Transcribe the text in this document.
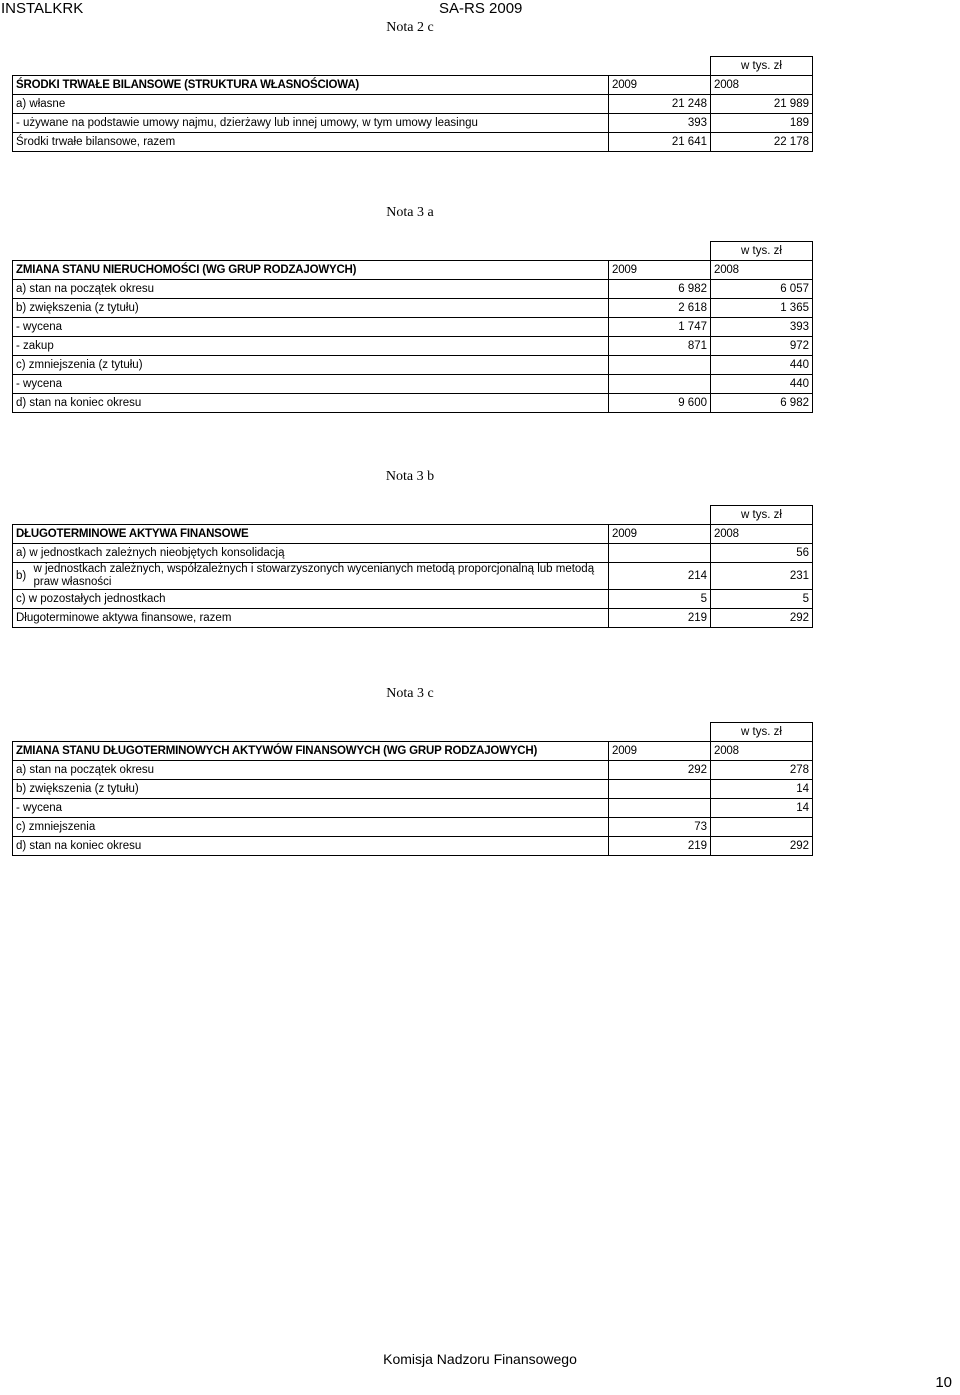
INSTALKRK	SA-RS 2009
Nota 2 c
		w tys. zł
ŚRODKI TRWAŁE BILANSOWE (STRUKTURA WŁASNOŚCIOWA)	2009	2008
a) własne	21 248	21 989
- używane na podstawie umowy najmu, dzierżawy lub innej umowy, w tym umowy leasingu	393	189
Środki trwałe bilansowe, razem	21 641	22 178
Nota 3 a
		w tys. zł
ZMIANA STANU NIERUCHOMOŚCI (WG GRUP RODZAJOWYCH)	2009	2008
a) stan na początek okresu	6 982	6 057
b) zwiększenia (z tytułu)	2 618	1 365
- wycena	1 747	393
- zakup	871	972
c) zmniejszenia (z tytułu)		440
- wycena		440
d) stan na koniec okresu	9 600	6 982
Nota 3 b
			w tys. zł
DŁUGOTERMINOWE AKTYWA FINANSOWE		2009	2008
a) w jednostkach zależnych nieobjętych konsolidacją			56
b)	w jednostkach zależnych, współzależnych i stowarzyszonych wycenianych metodą proporcjonalną lub metodą praw własności	214	231
c) w pozostałych jednostkach		5	5
Długoterminowe aktywa finansowe, razem		219	292
Nota 3 c
		w tys. zł
ZMIANA STANU DŁUGOTERMINOWYCH AKTYWÓW FINANSOWYCH (WG GRUP RODZAJOWYCH)	2009	2008
a) stan na początek okresu	292	278
b) zwiększenia (z tytułu)		14
- wycena		14
c) zmniejszenia	73	
d) stan na koniec okresu	219	292
Komisja Nadzoru Finansowego
10
